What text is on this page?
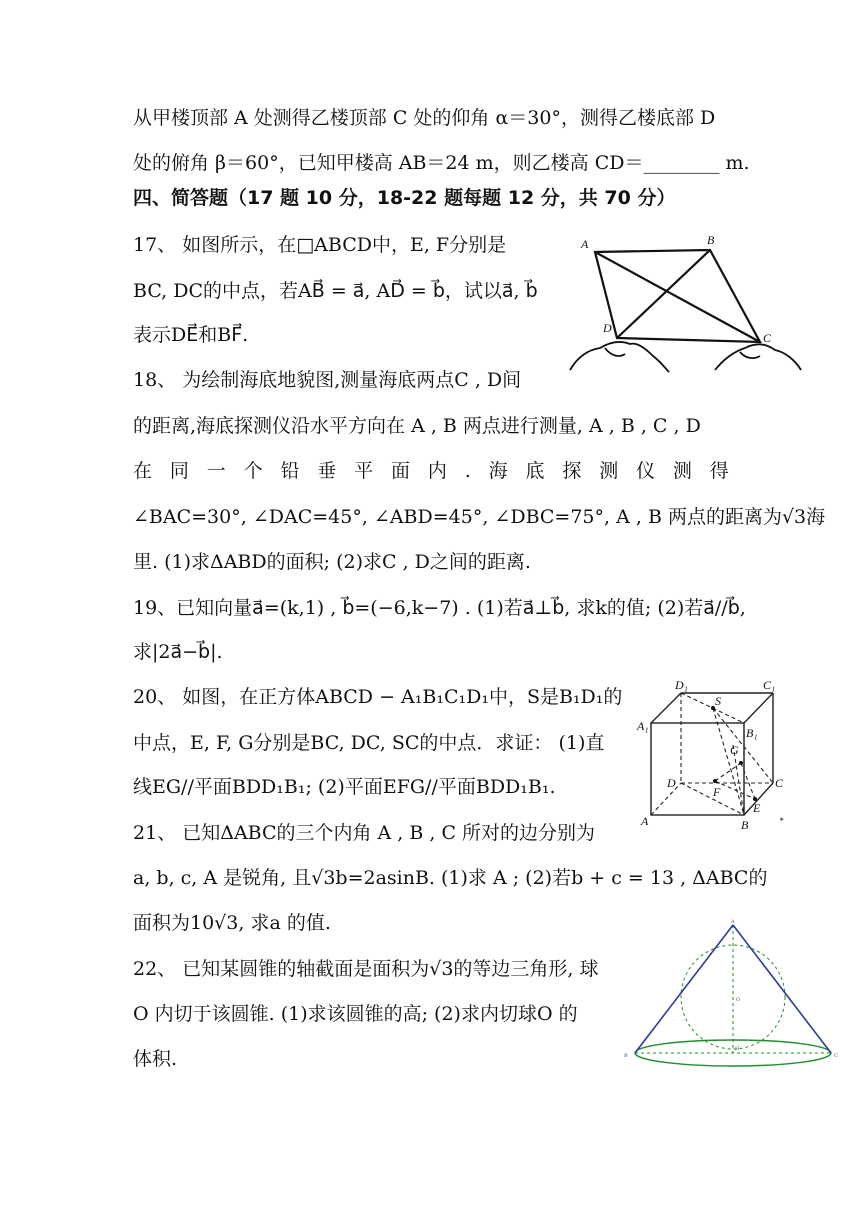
从甲楼顶部 A 处测得乙楼顶部 C 处的仰角 α＝30°，测得乙楼底部 D
处的俯角 β＝60°，已知甲楼高 AB＝24 m，则乙楼高 CD＝________ m.
四、简答题（17 题 10 分，18-22 题每题 12 分，共 70 分）
17、 如图所示，在□ABCD中，E, F分别是
BC, DC的中点，若AB⃗ = a⃗, AD⃗ = b⃗，试以a⃗, b⃗
表示DE⃗和BF⃗.
18、 为绘制海底地貌图,测量海底两点C , D间
的距离,海底探测仪沿水平方向在 A , B 两点进行测量, A , B , C , D
在 同 一 个 铅 垂 平 面 内 . 海 底 探 测 仪 测 得
∠BAC=30°, ∠DAC=45°, ∠ABD=45°, ∠DBC=75°, A , B 两点的距离为√3海
里. (1)求ΔABD的面积; (2)求C , D之间的距离.
19、已知向量a⃗=(k,1) , b⃗=(−6,k−7) . (1)若a⃗⊥b⃗, 求k的值; (2)若a⃗//b⃗,
求|2a⃗−b⃗|.
20、 如图，在正方体ABCD − A₁B₁C₁D₁中，S是B₁D₁的
中点，E, F, G分别是BC, DC, SC的中点．求证： (1)直
线EG//平面BDD₁B₁; (2)平面EFG//平面BDD₁B₁.
21、 已知ΔABC的三个内角 A , B , C 所对的边分别为
a, b, c, A 是锐角, 且√3b=2asinB. (1)求 A ; (2)若b + c = 13 , ΔABC的
面积为10√3, 求a 的值.
22、 已知某圆锥的轴截面是面积为√3的等边三角形, 球
O 内切于该圆锥. (1)求该圆锥的高; (2)求内切球O 的
体积.
A	B
C
D
D₁	C₁
A₁	B₁
S
G
D
F
C
E
A	B	*
A
B	C
O
H
